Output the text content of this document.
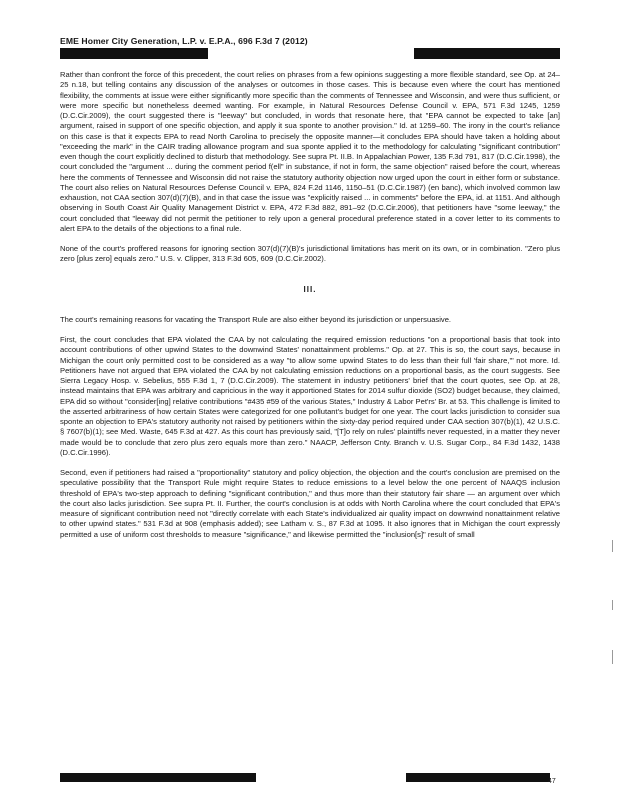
EME Homer City Generation, L.P. v. E.P.A., 696 F.3d 7 (2012)

Rather than confront the force of this precedent, the court relies on phrases from a few opinions suggesting a more flexible standard, see Op. at 24–25 n.18, but telling contains any discussion of the analyses or outcomes in those cases. This is because even where the court has mentioned flexibility, the comments at issue were either significantly more specific than the comments of Tennessee and Wisconsin, and were thus sufficient, or were more specific but nonetheless deemed wanting. For example, in Natural Resources Defense Council v. EPA, 571 F.3d 1245, 1259 (D.C.Cir.2009), the court suggested there is "leeway" but concluded, in words that resonate here, that "EPA cannot be expected to take [an] argument, raised in support of one specific objection, and apply it sua sponte to another provision." Id. at 1259–60. The irony in the court's reliance on this case is that it expects EPA to read North Carolina to precisely the opposite manner—it concludes EPA should have taken a holding about "exceeding the mark" in the CAIR trading allowance program and sua sponte applied it to the methodology for calculating "significant contribution" even though the court explicitly declined to disturb that methodology. See supra Pt. II.B. In Appalachian Power, 135 F.3d 791, 817 (D.C.Cir.1998), the court concluded the "argument ... during the comment period f(ell" in substance, if not in form, the same objection" raised before the court, whereas here the comments of Tennessee and Wisconsin did not raise the statutory authority objection now urged upon the court in either form or substance. The court also relies on Natural Resources Defense Council v. EPA, 824 F.2d 1146, 1150–51 (D.C.Cir.1987) (en banc), which involved common law exhaustion, not CAA section 307(d)(7)(B), and in that case the issue was "explicitly raised ... in comments" before the EPA, id. at 1151. And although observing in South Coast Air Quality Management District v. EPA, 472 F.3d 882, 891–92 (D.C.Cir.2006), that petitioners have "some leeway," the court concluded that "leeway did not permit the petitioner to rely upon a general procedural preference stated in a cover letter to its comments to alert EPA to the details of the objections to a final rule.

None of the court's proffered reasons for ignoring section 307(d)(7)(B)'s jurisdictional limitations has merit on its own, or in combination. "Zero plus zero [plus zero] equals zero." U.S. v. Clipper, 313 F.3d 605, 609 (D.C.Cir.2002).

III.

The court's remaining reasons for vacating the Transport Rule are also either beyond its jurisdiction or unpersuasive.

First, the court concludes that EPA violated the CAA by not calculating the required emission reductions "on a proportional basis that took into account contributions of other upwind States to the downwind States' nonattainment problems." Op. at 27. This is so, the court says, because in Michigan the court only permitted cost to be considered as a way "to allow some upwind States to do less than their full 'fair share,'" not more. Id. Petitioners have not argued that EPA violated the CAA by not calculating emission reductions on a proportional basis, as the court suggests. See Sierra Legacy Hosp. v. Sebelius, 555 F.3d 1, 7 (D.C.Cir.2009). The statement in industry petitioners' brief that the court quotes, see Op. at 28, instead maintains that EPA was arbitrary and capricious in the way it apportioned States for 2014 sulfur dioxide (SO2) budget because, they claimed, EPA did so without "consider[ing] relative contributions "#435 #59 of the various States," Industry & Labor Pet'rs' Br. at 53. This challenge is limited to the asserted arbitrariness of how certain States were categorized for one pollutant's budget for one year. The court lacks jurisdiction to consider sua sponte an objection to EPA's statutory authority not raised by petitioners within the sixty-day period required under CAA section 307(b)(1), 42 U.S.C. § 7607(b)(1); see Med. Waste, 645 F.3d at 427. As this court has previously said, "[T]o rely on rules' plaintiffs never requested, in a matter they never made would be to conclude that zero plus zero equals more than zero." NAACP, Jefferson Cnty. Branch v. U.S. Sugar Corp., 84 F.3d 1432, 1438 (D.C.Cir.1996).

Second, even if petitioners had raised a "proportionality" statutory and policy objection, the objection and the court's conclusion are premised on the speculative possibility that the Transport Rule might require States to reduce emissions to a level below the one percent of NAAQS inclusion threshold of EPA's two-step approach to defining "significant contribution," and thus more than their statutory fair share — an argument over which the court also lacks jurisdiction. See supra Pt. II. Further, the court's conclusion is at odds with North Carolina where the court concluded that EPA's measure of significant contribution need not "directly correlate with each State's individualized air quality impact on downwind nonattainment relative to other upwind states." 531 F.3d at 908 (emphasis added); see Latham v. S., 87 F.3d at 1095. It also ignores that in Michigan the court expressly permitted a use of uniform cost thresholds to measure "significance," and likewise permitted the "inclusion[s]" result of small

47
